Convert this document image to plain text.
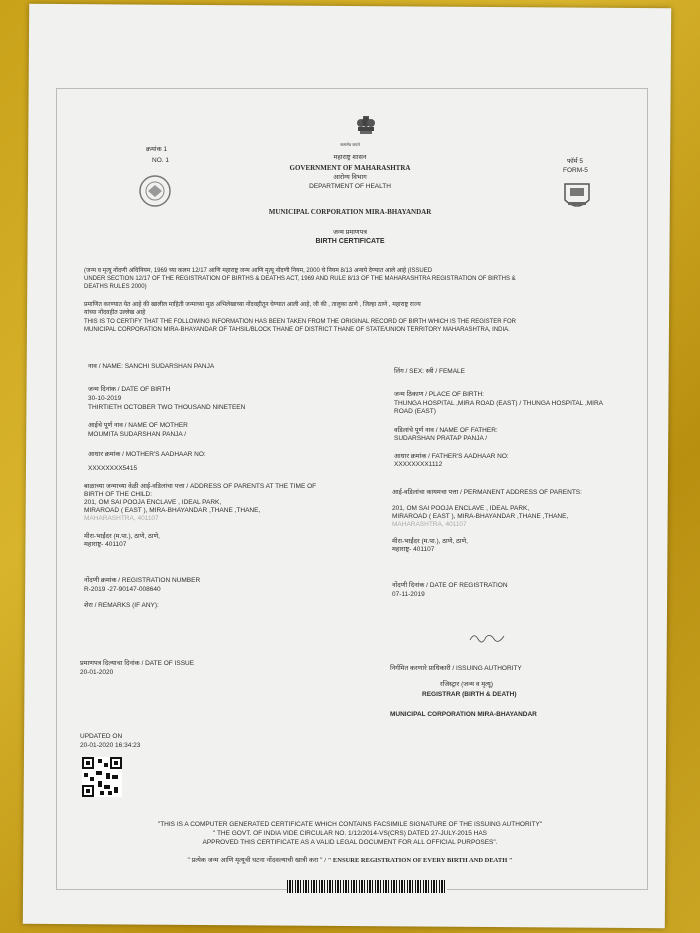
सत्यमेव जयते
क्रमांक 1
NO. 1	फॉर्म 5
FORM-5
महाराष्ट्र शासन
GOVERNMENT OF MAHARASHTRA
आरोग्य विभाग
DEPARTMENT OF HEALTH
MUNICIPAL CORPORATION MIRA-BHAYANDAR
जन्म प्रमाणपत्र
BIRTH CERTIFICATE
(जन्म व मृत्यू नोंदणी अधिनियम, 1969 च्या कलम 12/17 आणि महाराष्ट्र जन्म आणि मृत्यू नोंदणी नियम, 2000 चे नियम 8/13 अन्वये देण्यात आले आहे (ISSUED
UNDER SECTION 12/17 OF THE REGISTRATION OF BIRTHS & DEATHS ACT, 1969 AND RULE 8/13 OF THE MAHARASHTRA REGISTRATION OF BIRTHS &
DEATHS RULES 2000)
प्रमाणित करण्यात येत आहे की खालील माहिती जन्माच्या मूळ अभिलेखाच्या नोंदवहीतून घेण्यात आली आहे, जी की , तालुका ठाणे , जिल्हा ठाणे , महाराष्ट्र राज्य
यांच्या नोंदवहीत उल्लेख आहे
THIS IS TO CERTIFY THAT THE FOLLOWING INFORMATION HAS BEEN TAKEN FROM THE ORIGINAL RECORD OF BIRTH WHICH IS THE REGISTER FOR
MUNICIPAL CORPORATION MIRA-BHAYANDAR OF TAHSIL/BLOCK THANE OF DISTRICT THANE OF STATE/UNION TERRITORY MAHARASHTRA, INDIA.
नाव / NAME: SANCHI SUDARSHAN PANJA
जन्म दिनांक / DATE OF BIRTH
30-10-2019
THIRTIETH OCTOBER TWO THOUSAND NINETEEN
आईचे पूर्ण नाव / NAME OF MOTHER
MOUMITA SUDARSHAN PANJA /
आधार क्रमांक / MOTHER'S AADHAAR NO:
XXXXXXXX5415
बाळाच्या जन्माच्या वेळी आई-वडिलांचा पत्ता / ADDRESS OF PARENTS AT THE TIME OF
BIRTH OF THE CHILD:
201, OM SAI POOJA ENCLAVE , IDEAL PARK,
MIRAROAD ( EAST ), MIRA-BHAYANDAR ,THANE ,THANE,
MAHARASHTRA, 401107
मीरा-भाईंदर (म.पा.), ठाणे, ठाणे,
महाराष्ट्र- 401107
लिंग / SEX: स्त्री / FEMALE
जन्म ठिकाण / PLACE OF BIRTH:
THUNGA HOSPITAL ,MIRA ROAD (EAST) / THUNGA HOSPITAL ,MIRA
ROAD (EAST)
वडिलांचे पूर्ण नाव / NAME OF FATHER:
SUDARSHAN PRATAP PANJA /
आधार क्रमांक / FATHER'S AADHAAR NO:
XXXXXXXX1112
आई-वडिलांचा कायमचा पत्ता / PERMANENT ADDRESS OF PARENTS:
201, OM SAI POOJA ENCLAVE , IDEAL PARK,
MIRAROAD ( EAST ), MIRA-BHAYANDAR ,THANE ,THANE,
MAHARASHTRA, 401107
मीरा-भाईंदर (म.पा.), ठाणे, ठाणे,
महाराष्ट्र- 401107
नोंदणी क्रमांक / REGISTRATION NUMBER
R-2019 -27-90147-008640
नोंदणी दिनांक / DATE OF REGISTRATION
07-11-2019
शेरा / REMARKS (IF ANY):
प्रमाणपत्र दिल्याचा दिनांक / DATE OF ISSUE
20-01-2020
निर्गमित करणारे प्राधिकारी / ISSUING AUTHORITY
रजिस्ट्रार (जन्म व मृत्यू)
REGISTRAR (BIRTH & DEATH)
MUNICIPAL CORPORATION MIRA-BHAYANDAR
UPDATED ON
20-01-2020 16:34:23
"THIS IS A COMPUTER GENERATED CERTIFICATE WHICH CONTAINS FACSIMILE SIGNATURE OF THE ISSUING AUTHORITY"
" THE GOVT. OF INDIA VIDE CIRCULAR NO. 1/12/2014-VS(CRS) DATED 27-JULY-2015 HAS
APPROVED THIS CERTIFICATE AS A VALID LEGAL DOCUMENT FOR ALL OFFICIAL PURPOSES".
" प्रत्येक जन्म आणि मृत्यूची घटना नोंदवल्याची खात्री करा " / " ENSURE REGISTRATION OF EVERY BIRTH AND DEATH "
